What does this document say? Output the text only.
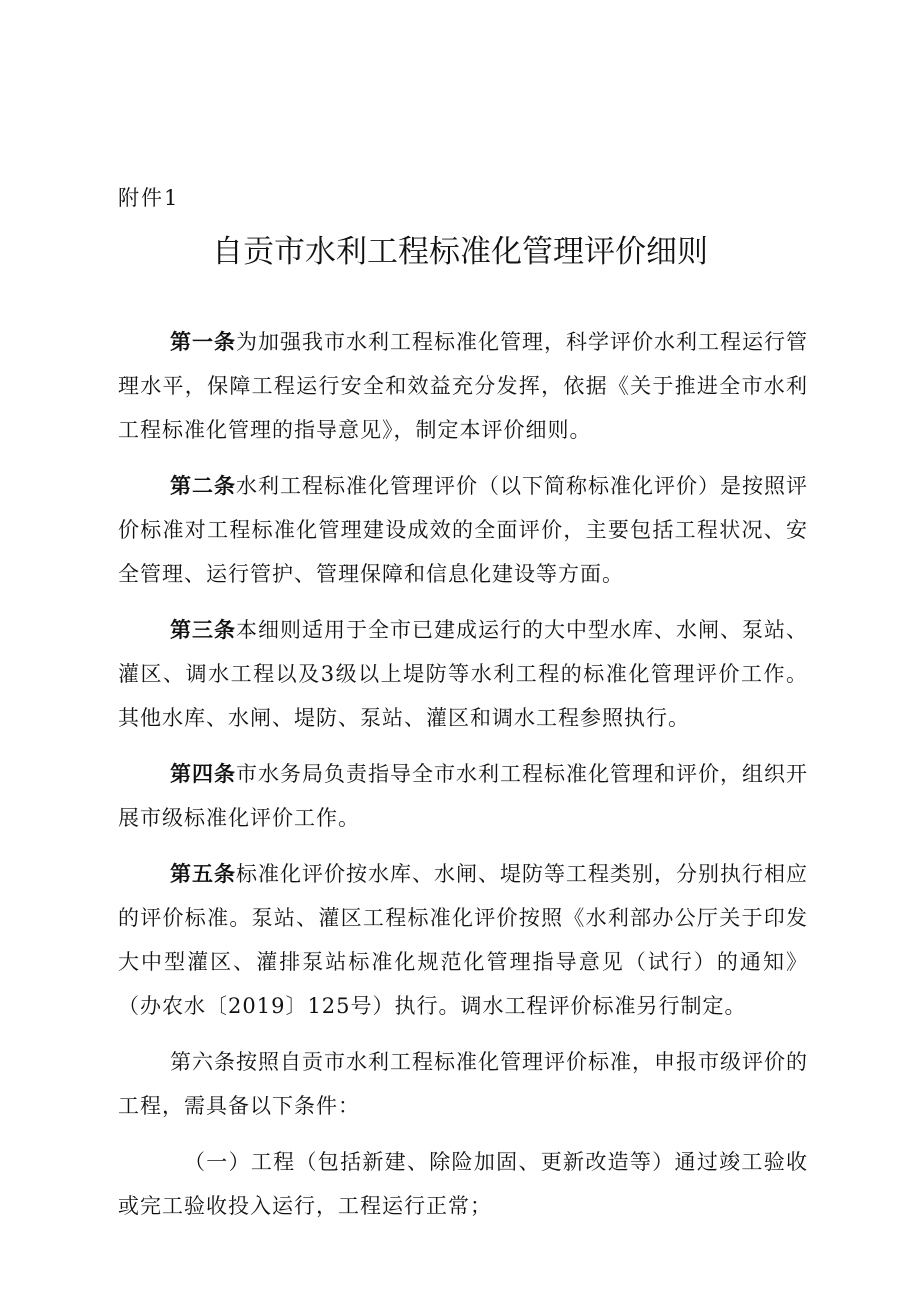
附件1
自贡市水利工程标准化管理评价细则

第一条为加强我市水利工程标准化管理，科学评价水利工程运行管理水平，保障工程运行安全和效益充分发挥，依据《关于推进全市水利工程标准化管理的指导意见》，制定本评价细则。

第二条水利工程标准化管理评价（以下简称标准化评价）是按照评价标准对工程标准化管理建设成效的全面评价，主要包括工程状况、安全管理、运行管护、管理保障和信息化建设等方面。

第三条本细则适用于全市已建成运行的大中型水库、水闸、泵站、灌区、调水工程以及3级以上堤防等水利工程的标准化管理评价工作。其他水库、水闸、堤防、泵站、灌区和调水工程参照执行。

第四条市水务局负责指导全市水利工程标准化管理和评价，组织开展市级标准化评价工作。

第五条标准化评价按水库、水闸、堤防等工程类别，分别执行相应的评价标准。泵站、灌区工程标准化评价按照《水利部办公厅关于印发大中型灌区、灌排泵站标准化规范化管理指导意见（试行）的通知》（办农水〔2019〕125号）执行。调水工程评价标准另行制定。

第六条按照自贡市水利工程标准化管理评价标准，申报市级评价的工程，需具备以下条件：

（一）工程（包括新建、除险加固、更新改造等）通过竣工验收或完工验收投入运行，工程运行正常；
